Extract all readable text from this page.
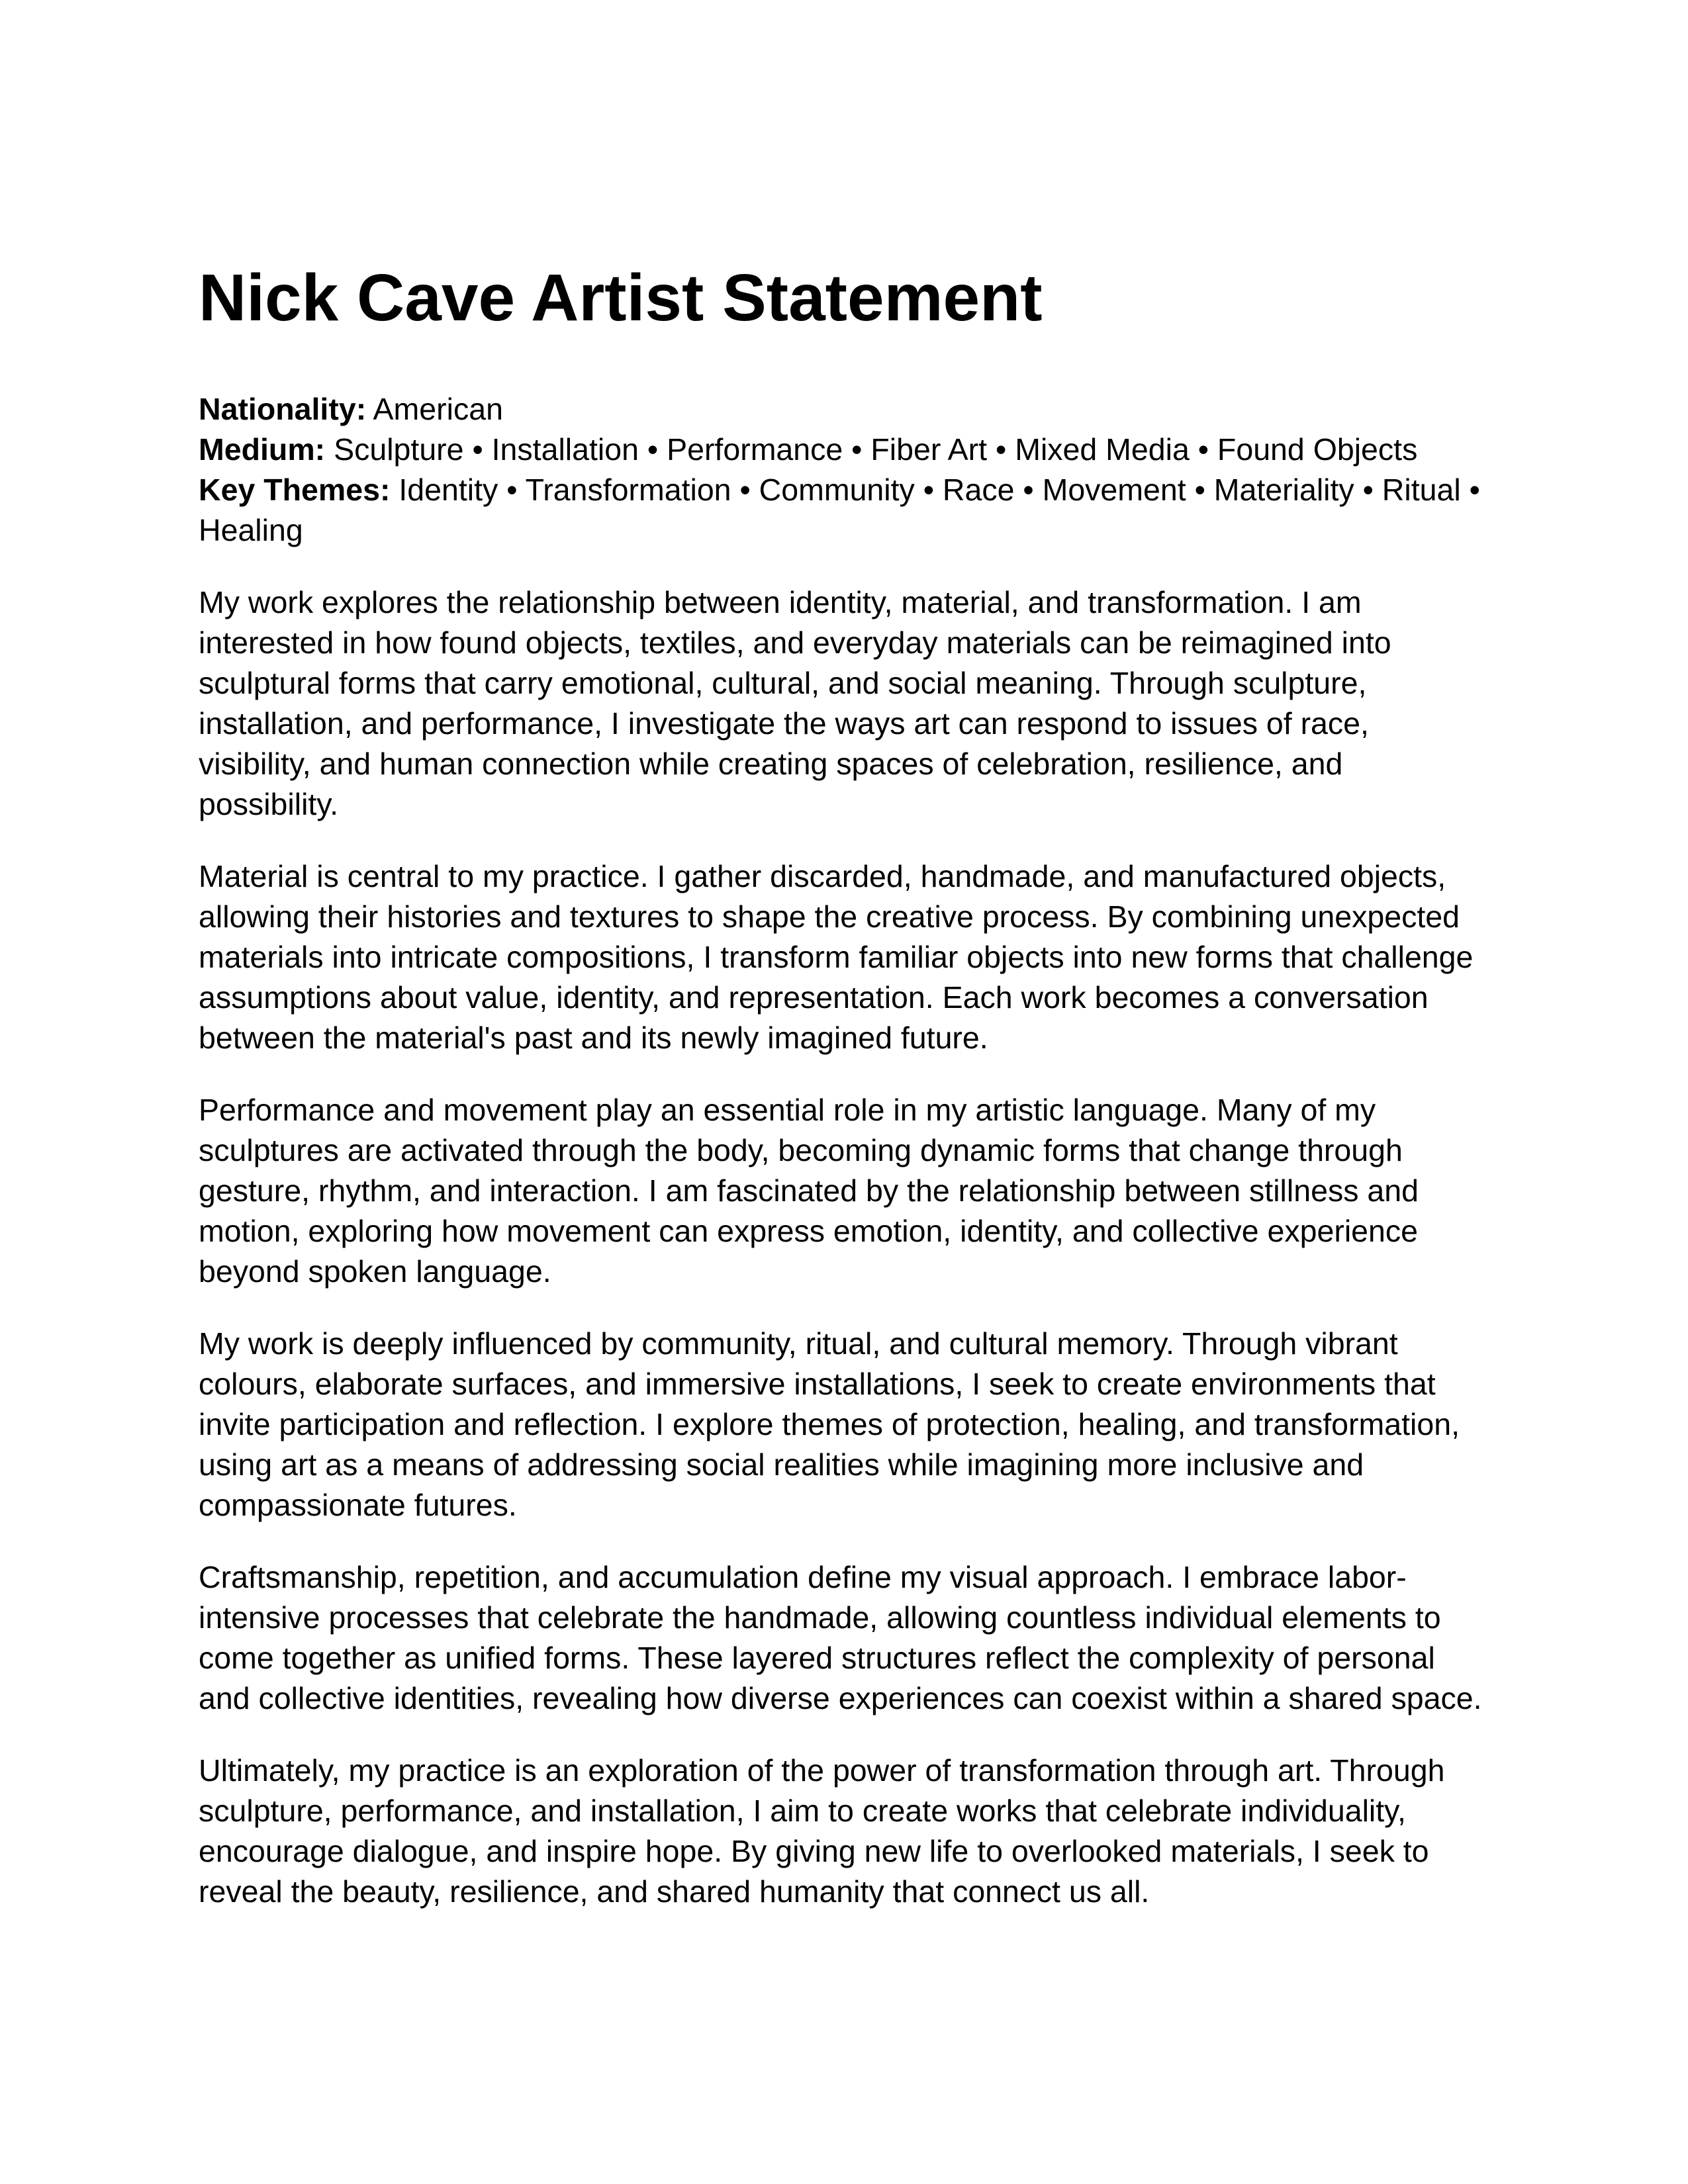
Nick Cave Artist Statement
Nationality: American
Medium: Sculpture • Installation • Performance • Fiber Art • Mixed Media • Found Objects
Key Themes: Identity • Transformation • Community • Race • Movement • Materiality • Ritual • Healing

My work explores the relationship between identity, material, and transformation. I am interested in how found objects, textiles, and everyday materials can be reimagined into sculptural forms that carry emotional, cultural, and social meaning. Through sculpture, installation, and performance, I investigate the ways art can respond to issues of race, visibility, and human connection while creating spaces of celebration, resilience, and possibility.

Material is central to my practice. I gather discarded, handmade, and manufactured objects, allowing their histories and textures to shape the creative process. By combining unexpected materials into intricate compositions, I transform familiar objects into new forms that challenge assumptions about value, identity, and representation. Each work becomes a conversation between the material's past and its newly imagined future.

Performance and movement play an essential role in my artistic language. Many of my sculptures are activated through the body, becoming dynamic forms that change through gesture, rhythm, and interaction. I am fascinated by the relationship between stillness and motion, exploring how movement can express emotion, identity, and collective experience beyond spoken language.

My work is deeply influenced by community, ritual, and cultural memory. Through vibrant colours, elaborate surfaces, and immersive installations, I seek to create environments that invite participation and reflection. I explore themes of protection, healing, and transformation, using art as a means of addressing social realities while imagining more inclusive and compassionate futures.

Craftsmanship, repetition, and accumulation define my visual approach. I embrace labor-intensive processes that celebrate the handmade, allowing countless individual elements to come together as unified forms. These layered structures reflect the complexity of personal and collective identities, revealing how diverse experiences can coexist within a shared space.

Ultimately, my practice is an exploration of the power of transformation through art. Through sculpture, performance, and installation, I aim to create works that celebrate individuality, encourage dialogue, and inspire hope. By giving new life to overlooked materials, I seek to reveal the beauty, resilience, and shared humanity that connect us all.
